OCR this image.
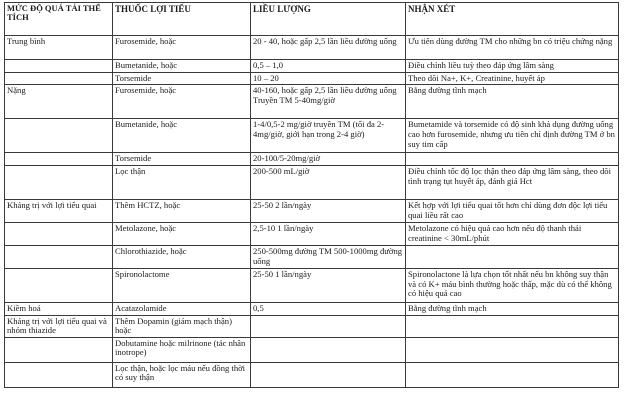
MỨC ĐỘ QUÁ TẢI THỂ TÍCH	THUỐC LỢI TIỂU	LIỀU LƯỢNG	NHẬN XÉT
Trung bình	Furosemide, hoặc	20 - 40, hoặc gấp 2,5 lần liều đường uống	Ưu tiên dùng đường TM cho những bn có triệu chứng nặng
	Bumetanide, hoặc	0,5 – 1,0	Điều chỉnh liều tuỳ theo đáp ứng lâm sàng
	Torsemide	10 – 20	Theo dõi Na+, K+, Creatinine, huyết áp
Nặng	Furosemide, hoặc	40-160, hoặc gấp 2,5 lần liều đường uống Truyền TM 5-40mg/giờ	Bằng đường tĩnh mạch
	Bumetanide, hoặc	1-4/0,5-2 mg/giờ truyền TM (tối đa 2-4mg/giờ, giới hạn trong 2-4 giờ)	Bumetamide và torsemide có độ sinh khả dụng đường uống cao hơn furosemide, nhưng ưu tiên chỉ định đường TM ở bn suy tim cấp
	Torsemide	20-100/5-20mg/giờ	
	Lọc thận	200-500 mL/giờ	Điều chỉnh tốc độ lọc thận theo đáp ứng lâm sàng, theo dõi tình trạng tụt huyết áp, đánh giá Hct
Kháng trị với lợi tiểu quai	Thêm HCTZ, hoặc	25-50 2 lần/ngày	Kết hợp với lợi tiểu quai tốt hơn chỉ dùng đơn độc lợi tiểu quai liều rất cao
	Metolazone, hoặc	2,5-10 1 lần/ngày	Metolazone có hiệu quả cao hơn nếu độ thanh thải creatinine < 30mL/phút
	Chlorothiazide, hoặc	250-500mg đường TM 500-1000mg đường uống	
	Spironolactome	25-50 1 lần/ngày	Spironolactone là lựa chọn tốt nhất nếu bn không suy thận và có K+ máu bình thường hoặc thấp, mặc dù có thể không có hiệu quả cao
Kiềm hoá	Acatazolamide	0,5	Bằng đường tĩnh mạch
Kháng trị với lợi tiểu quai và nhóm thiazide	Thêm Dopamin (giảm mạch thận) hoặc		
	Dobutamine hoặc milrinone (tác nhân inotrope)		
	Lọc thận, hoặc lọc máu nếu đồng thời có suy thận		
